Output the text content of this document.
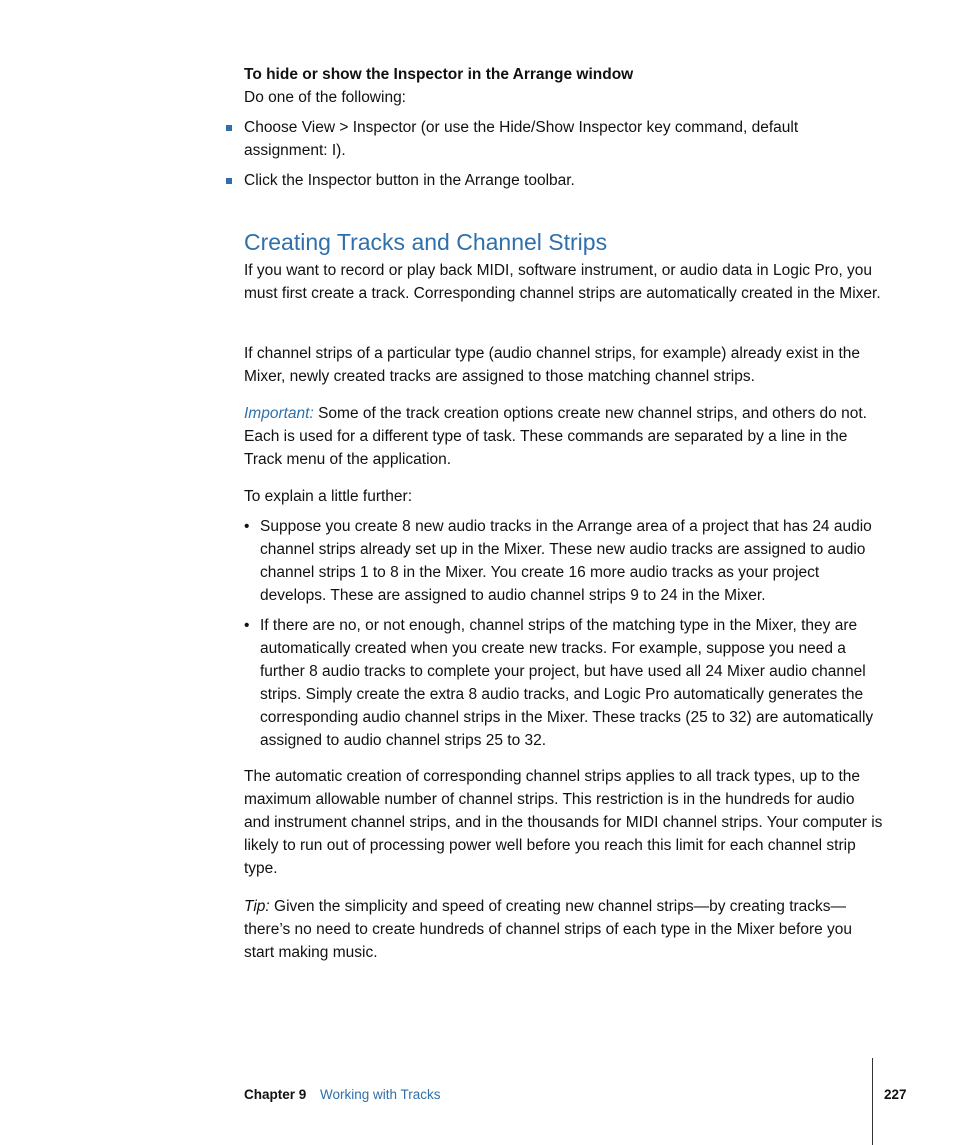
To hide or show the Inspector in the Arrange window
Do one of the following:
Choose View > Inspector (or use the Hide/Show Inspector key command, default assignment: I).
Click the Inspector button in the Arrange toolbar.
Creating Tracks and Channel Strips
If you want to record or play back MIDI, software instrument, or audio data in Logic Pro, you must first create a track. Corresponding channel strips are automatically created in the Mixer.
If channel strips of a particular type (audio channel strips, for example) already exist in the Mixer, newly created tracks are assigned to those matching channel strips.
Important: Some of the track creation options create new channel strips, and others do not. Each is used for a different type of task. These commands are separated by a line in the Track menu of the application.
To explain a little further:
• Suppose you create 8 new audio tracks in the Arrange area of a project that has 24 audio channel strips already set up in the Mixer. These new audio tracks are assigned to audio channel strips 1 to 8 in the Mixer. You create 16 more audio tracks as your project develops. These are assigned to audio channel strips 9 to 24 in the Mixer.
• If there are no, or not enough, channel strips of the matching type in the Mixer, they are automatically created when you create new tracks. For example, suppose you need a further 8 audio tracks to complete your project, but have used all 24 Mixer audio channel strips. Simply create the extra 8 audio tracks, and Logic Pro automatically generates the corresponding audio channel strips in the Mixer. These tracks (25 to 32) are automatically assigned to audio channel strips 25 to 32.
The automatic creation of corresponding channel strips applies to all track types, up to the maximum allowable number of channel strips. This restriction is in the hundreds for audio and instrument channel strips, and in the thousands for MIDI channel strips. Your computer is likely to run out of processing power well before you reach this limit for each channel strip type.
Tip: Given the simplicity and speed of creating new channel strips—by creating tracks—there’s no need to create hundreds of channel strips of each type in the Mixer before you start making music.
Chapter 9 Working with Tracks	227
